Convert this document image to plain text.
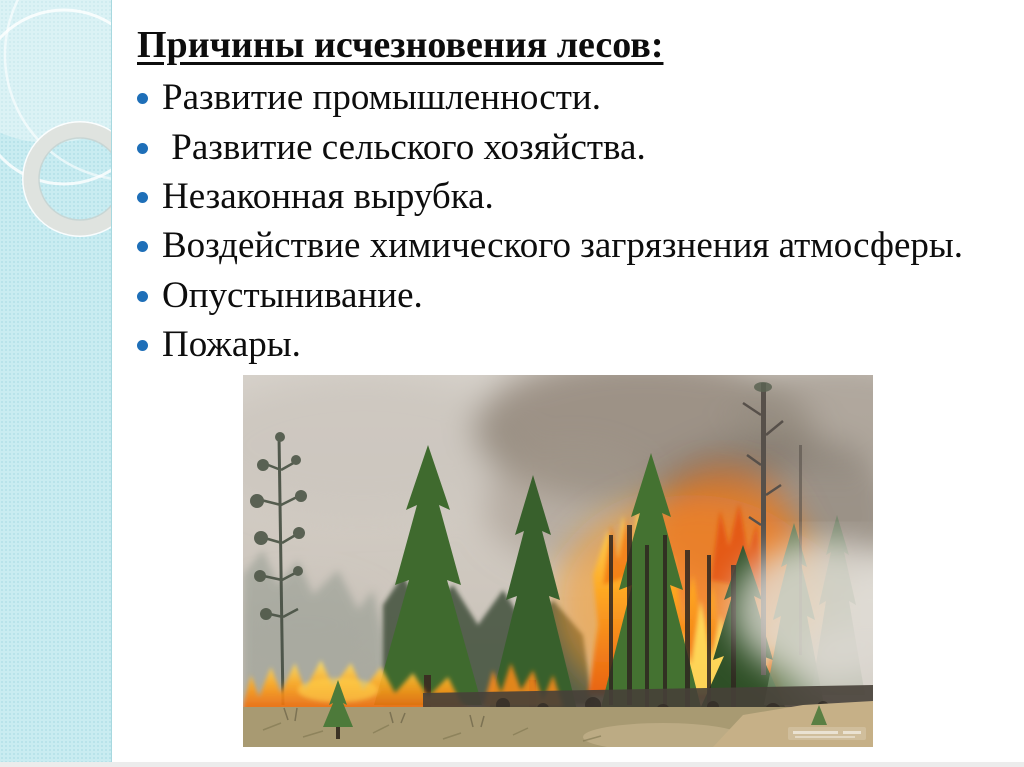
Причины исчезновения лесов:
Развитие промышленности.
Развитие сельского хозяйства.
Незаконная вырубка.
Воздействие химического загрязнения атмосферы.
Опустынивание.
Пожары.
